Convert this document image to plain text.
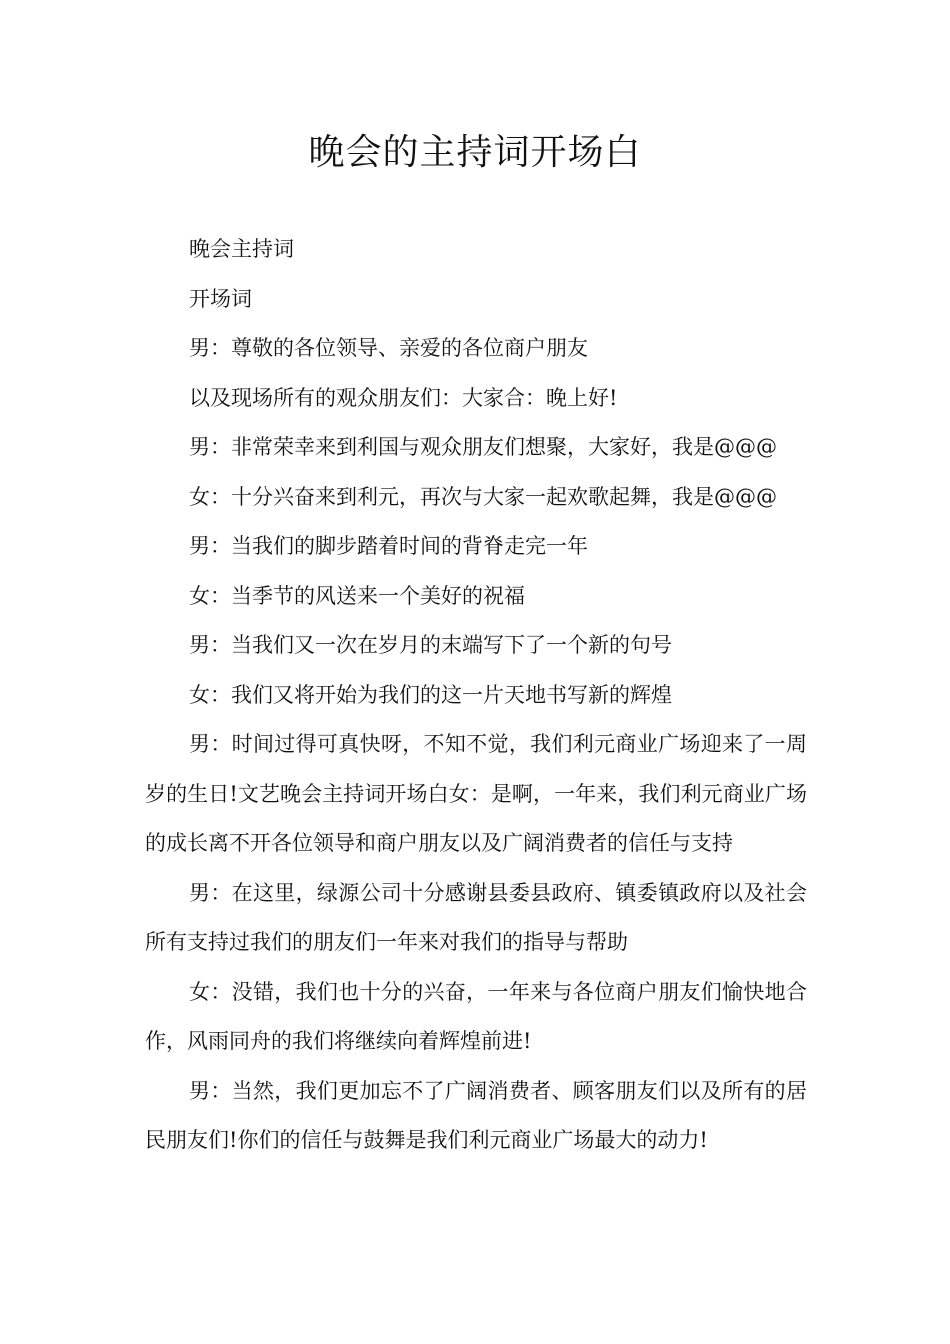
晚会的主持词开场白

晚会主持词

开场词

男：尊敬的各位领导、亲爱的各位商户朋友

以及现场所有的观众朋友们：大家合：晚上好!

男：非常荣幸来到利国与观众朋友们想聚，大家好，我是@@@

女：十分兴奋来到利元，再次与大家一起欢歌起舞，我是@@@

男：当我们的脚步踏着时间的背脊走完一年

女：当季节的风送来一个美好的祝福

男：当我们又一次在岁月的末端写下了一个新的句号

女：我们又将开始为我们的这一片天地书写新的辉煌

男：时间过得可真快呀，不知不觉，我们利元商业广场迎来了一周岁的生日!文艺晚会主持词开场白女：是啊，一年来，我们利元商业广场的成长离不开各位领导和商户朋友以及广阔消费者的信任与支持

男：在这里，绿源公司十分感谢县委县政府、镇委镇政府以及社会所有支持过我们的朋友们一年来对我们的指导与帮助

女：没错，我们也十分的兴奋，一年来与各位商户朋友们愉快地合作，风雨同舟的我们将继续向着辉煌前进!

男：当然，我们更加忘不了广阔消费者、顾客朋友们以及所有的居民朋友们!你们的信任与鼓舞是我们利元商业广场最大的动力!
